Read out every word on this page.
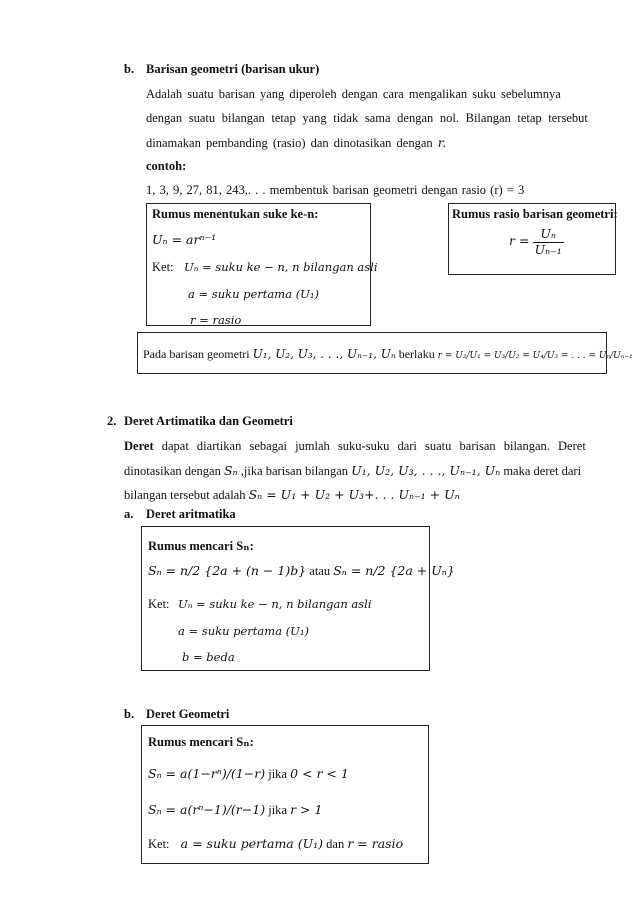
b. Barisan geometri (barisan ukur)
Adalah suatu barisan yang diperoleh dengan cara mengalikan suku sebelumnya
dengan suatu bilangan tetap yang tidak sama dengan nol. Bilangan tetap tersebut
dinamakan pembanding (rasio) dan dinotasikan dengan r.
contoh:
1, 3, 9, 27, 81, 243,. . . membentuk barisan geometri dengan rasio (r) = 3
Rumus menentukan suke ke-n:
Uₙ = arⁿ⁻¹
Ket: Uₙ = suku ke − n, n bilangan asli
a = suku pertama (U₁)
r = rasio
Rumus rasio barisan geometri:
$r = \frac{\text{Uₙ}}{\text{Uₙ₋₁}}$
Pada barisan geometri U₁, U₂, U₃, . . ., Uₙ₋₁, Uₙ berlaku r = U₂/U₁ = U₃/U₂ = U₄/U₃ = . . . = Uₙ/Uₙ₋₁
2. Deret Artimatika dan Geometri
Deret dapat diartikan sebagai jumlah suku-suku dari suatu barisan bilangan. Deret
dinotasikan dengan Sₙ ,jika barisan bilangan U₁, U₂, U₃, . . ., Uₙ₋₁, Uₙ maka deret dari
bilangan tersebut adalah Sₙ = U₁ + U₂ + U₃+. . . Uₙ₋₁ + Uₙ
a. Deret aritmatika
Rumus mencari Sₙ:
Sₙ = n/2 {2a + (n − 1)b} atau Sₙ = n/2 {2a + Uₙ}
Ket: Uₙ = suku ke − n, n bilangan asli
a = suku pertama (U₁)
b = beda
b. Deret Geometri
Rumus mencari Sₙ:
Sₙ = a(1−rⁿ)/(1−r) jika 0 < r < 1
Sₙ = a(rⁿ−1)/(r−1) jika r > 1
Ket: a = suku pertama (U₁) dan r = rasio
